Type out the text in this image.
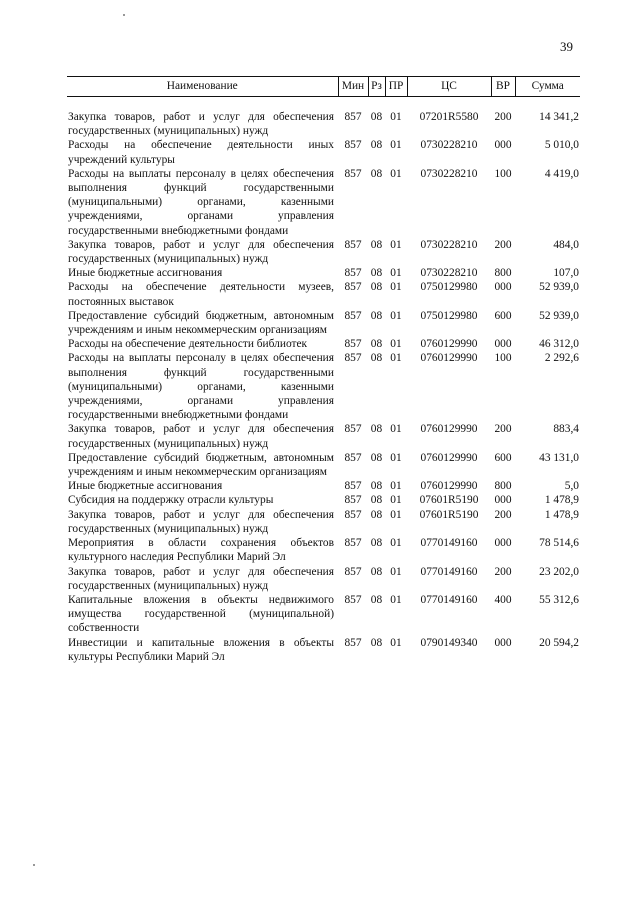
39
Наименование	Мин	Рз	ПР	ЦС	ВР	Сумма
Закупка товаров, работ и услуг для обеспечения государственных (муниципальных) нужд	857	08	01	07201R5580	200	14 341,2
Расходы на обеспечение деятельности иных учреждений культуры	857	08	01	0730228210	000	5 010,0
Расходы на выплаты персоналу в целях обеспечения выполнения функций государственными (муниципальными) органами, казенными учреждениями, органами управления государственными внебюджетными фондами	857	08	01	0730228210	100	4 419,0
Закупка товаров, работ и услуг для обеспечения государственных (муниципальных) нужд	857	08	01	0730228210	200	484,0
Иные бюджетные ассигнования	857	08	01	0730228210	800	107,0
Расходы на обеспечение деятельности музеев, постоянных выставок	857	08	01	0750129980	000	52 939,0
Предоставление субсидий бюджетным, автономным учреждениям и иным некоммерческим организациям	857	08	01	0750129980	600	52 939,0
Расходы на обеспечение деятельности библиотек	857	08	01	0760129990	000	46 312,0
Расходы на выплаты персоналу в целях обеспечения выполнения функций государственными (муниципальными) органами, казенными учреждениями, органами управления государственными внебюджетными фондами	857	08	01	0760129990	100	2 292,6
Закупка товаров, работ и услуг для обеспечения государственных (муниципальных) нужд	857	08	01	0760129990	200	883,4
Предоставление субсидий бюджетным, автономным учреждениям и иным некоммерческим организациям	857	08	01	0760129990	600	43 131,0
Иные бюджетные ассигнования	857	08	01	0760129990	800	5,0
Субсидия на поддержку отрасли культуры	857	08	01	07601R5190	000	1 478,9
Закупка товаров, работ и услуг для обеспечения государственных (муниципальных) нужд	857	08	01	07601R5190	200	1 478,9
Мероприятия в области сохранения объектов культурного наследия Республики Марий Эл	857	08	01	0770149160	000	78 514,6
Закупка товаров, работ и услуг для обеспечения государственных (муниципальных) нужд	857	08	01	0770149160	200	23 202,0
Капитальные вложения в объекты недвижимого имущества государственной (муниципальной) собственности	857	08	01	0770149160	400	55 312,6
Инвестиции и капитальные вложения в объекты культуры Республики Марий Эл	857	08	01	0790149340	000	20 594,2
